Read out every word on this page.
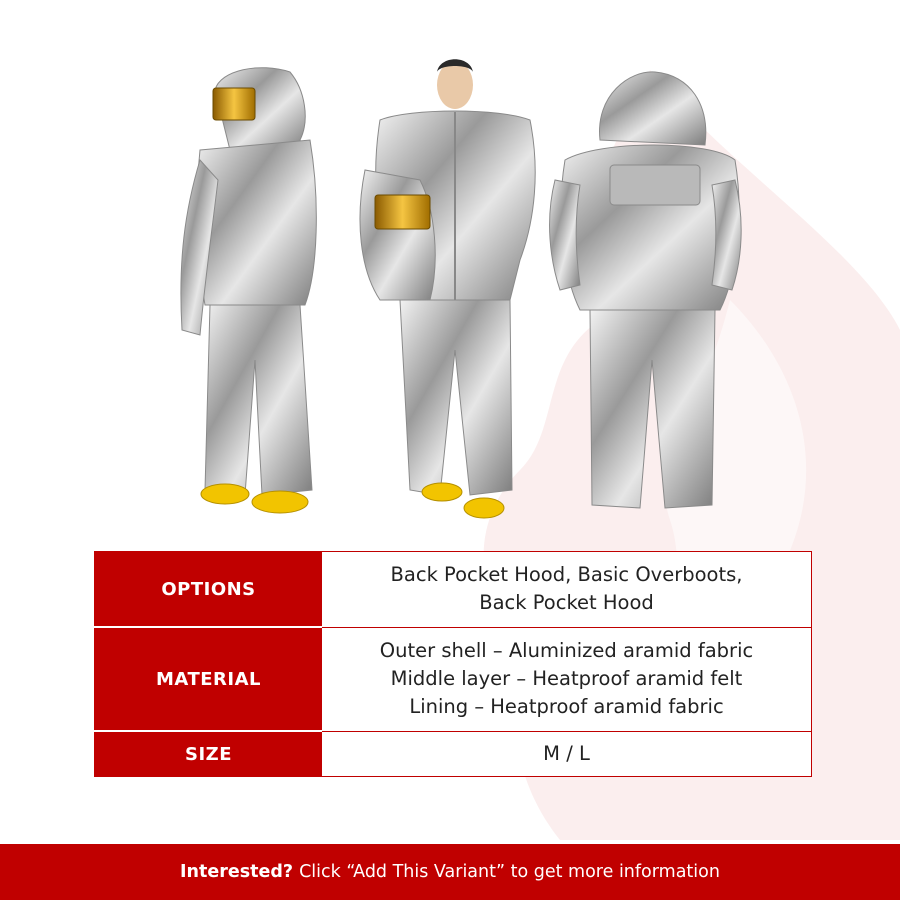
OPTIONS	Back Pocket Hood, Basic Overboots,
Back Pocket Hood

MATERIAL	Outer shell – Aluminized aramid fabric
Middle layer – Heatproof aramid felt
Lining – Heatproof aramid fabric

SIZE	M / L
Interested? Click “Add This Variant” to get more information
